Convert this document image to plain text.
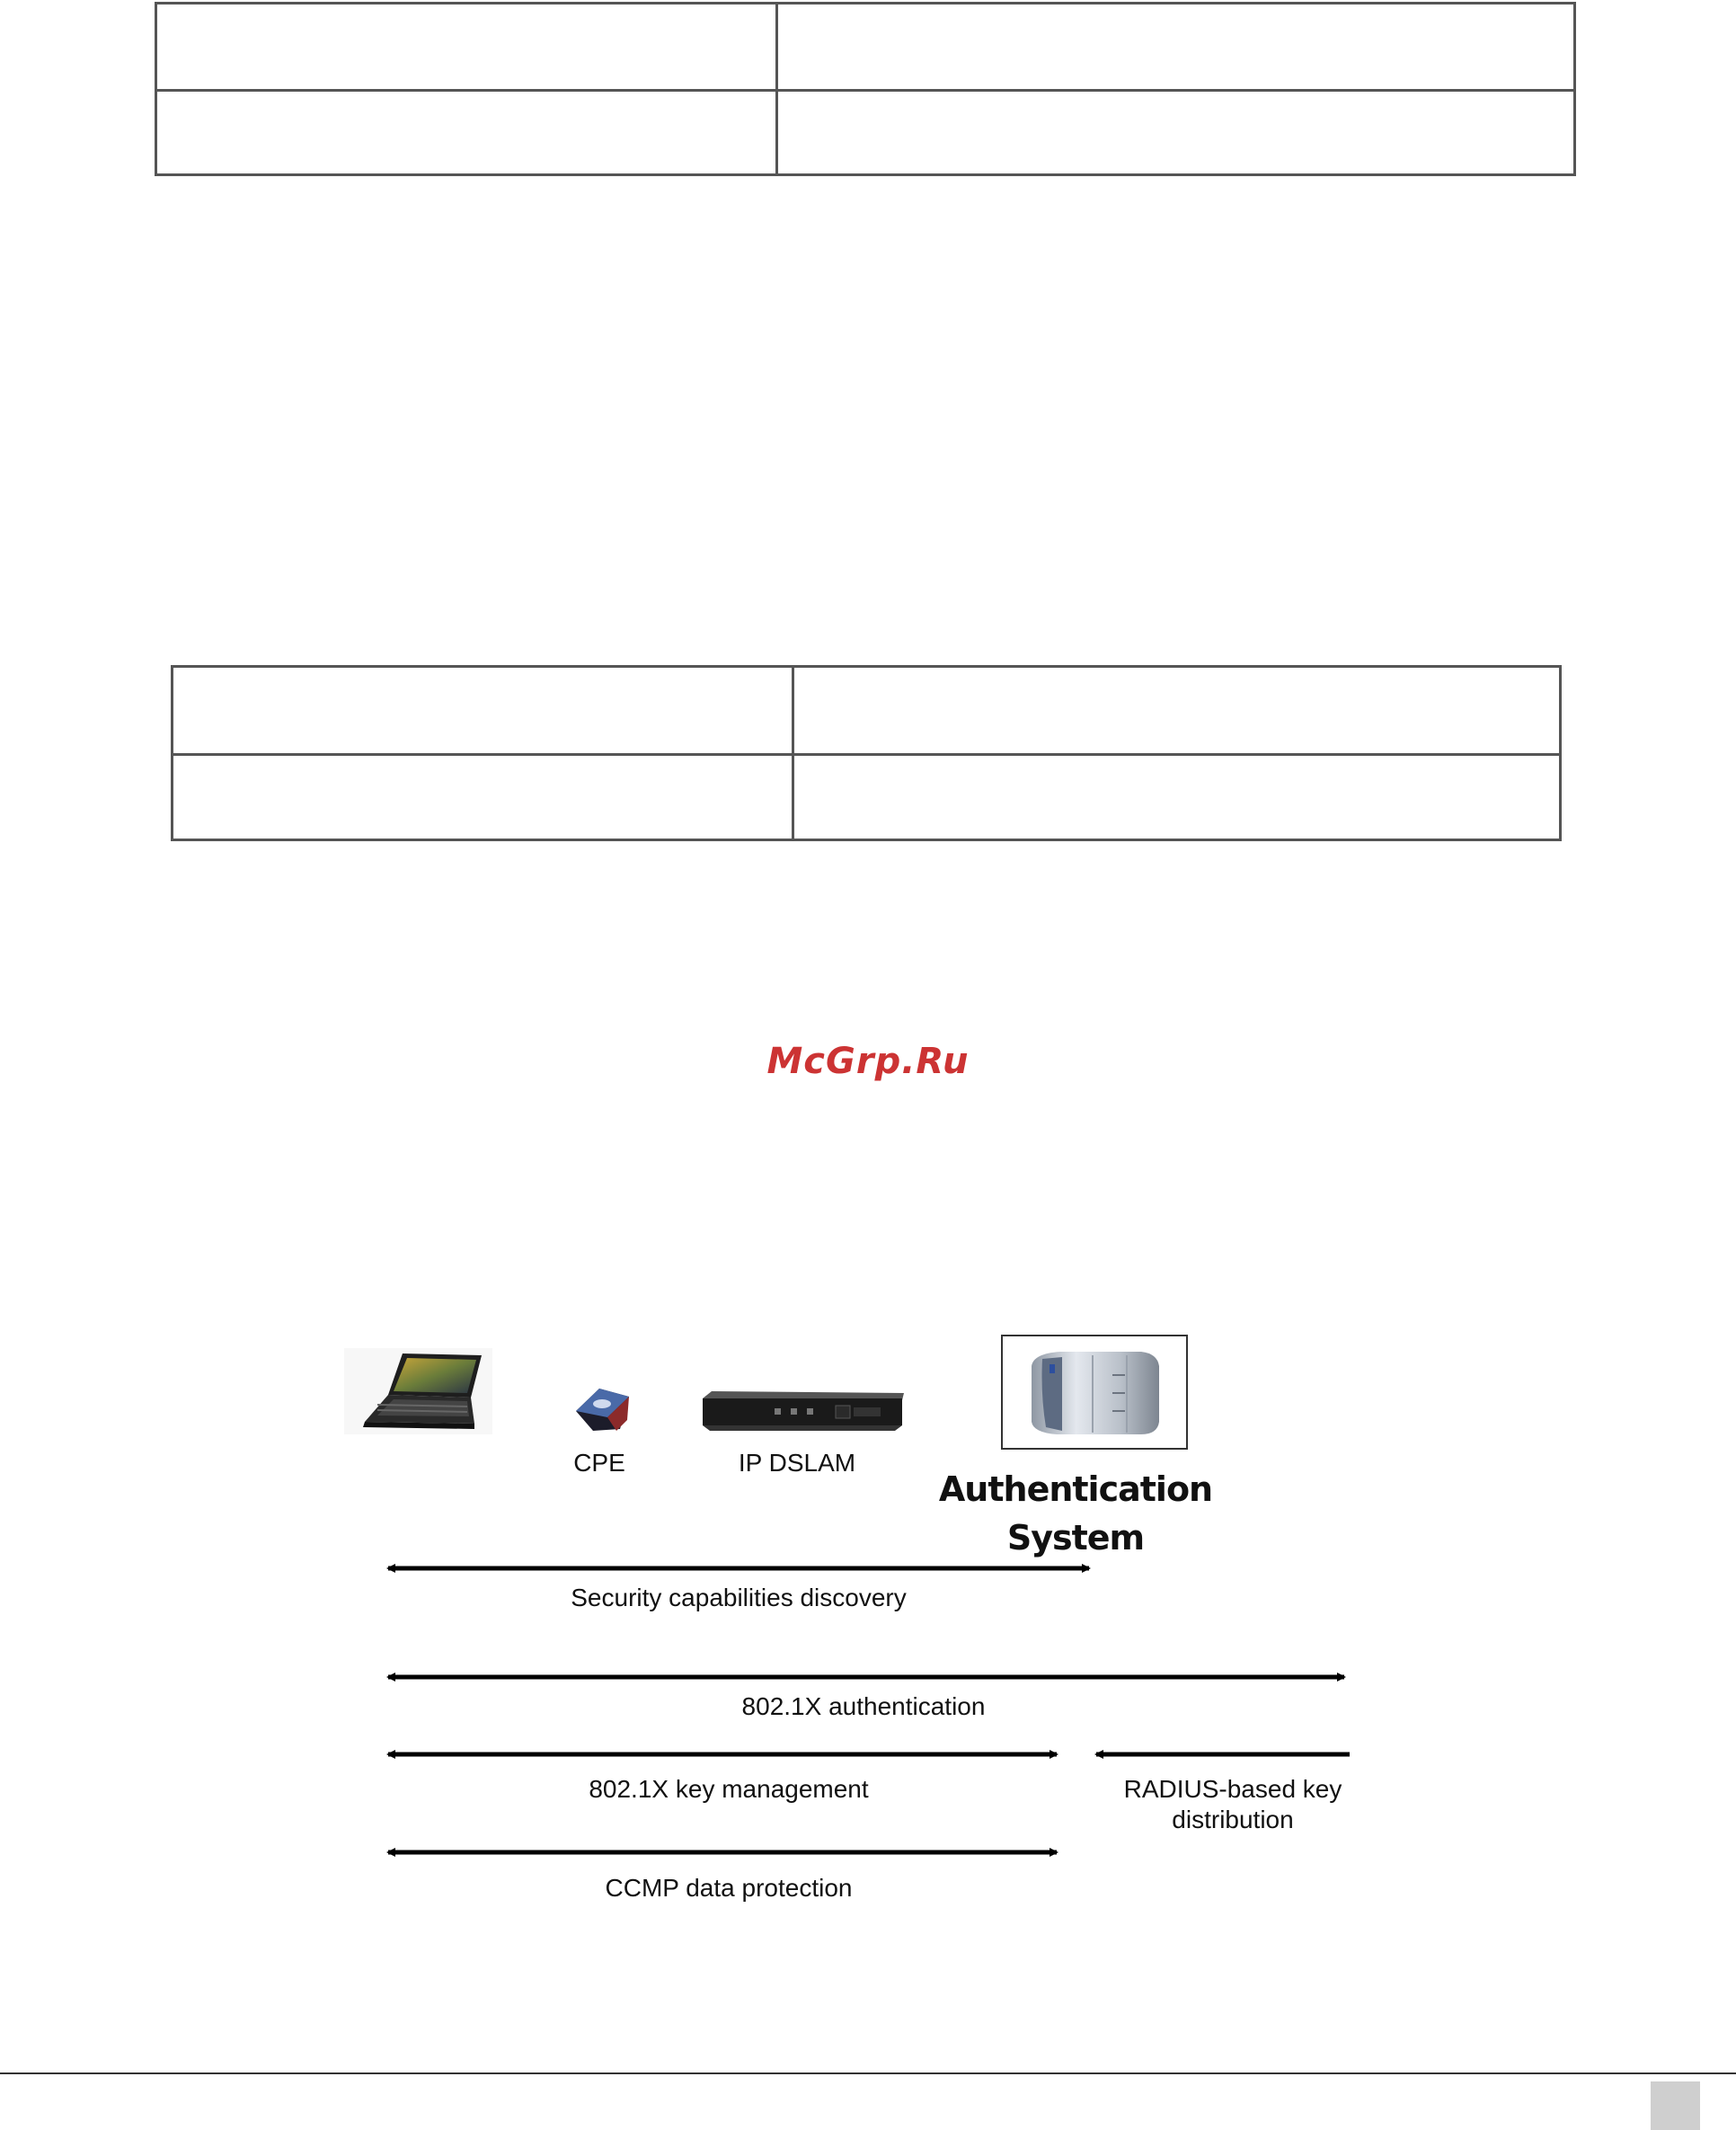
McGrp.Ru
CPE	IP DSLAM
Authentication
System
Security capabilities discovery
802.1X authentication
802.1X key management	RADIUS-based key
distribution
CCMP data protection
